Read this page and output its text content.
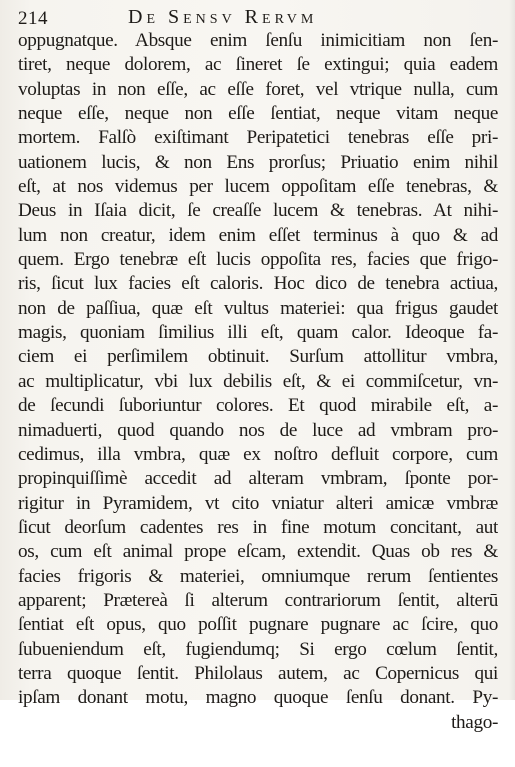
214	De Sensv Rervm
oppugnatque. Absque enim ſenſu inimicitiam non ſen-
tiret, neque dolorem, ac ſineret ſe extingui; quia eadem
voluptas in non eſſe, ac eſſe foret, vel vtrique nulla, cum
neque eſſe, neque non eſſe ſentiat, neque vitam neque
mortem. Falſò exiſtimant Peripatetici tenebras eſſe pri-
uationem lucis, & non Ens prorſus; Priuatio enim nihil
eſt, at nos videmus per lucem oppoſitam eſſe tenebras, &
Deus in Iſaia dicit, ſe creaſſe lucem & tenebras. At nihi-
lum non creatur, idem enim eſſet terminus à quo & ad
quem. Ergo tenebræ eſt lucis oppoſita res, facies que frigo-
ris, ſicut lux facies eſt caloris. Hoc dico de tenebra actiua,
non de paſſiua, quæ eſt vultus materiei: qua frigus gaudet
magis, quoniam ſimilius illi eſt, quam calor. Ideoque fa-
ciem ei perſimilem obtinuit. Surſum attollitur vmbra,
ac multiplicatur, vbi lux debilis eſt, & ei commiſcetur, vn-
de ſecundi ſuboriuntur colores. Et quod mirabile eſt, a-
nimaduerti, quod quando nos de luce ad vmbram pro-
cedimus, illa vmbra, quæ ex noſtro defluit corpore, cum
propinquiſſimè accedit ad alteram vmbram, ſponte por-
rigitur in Pyramidem, vt cito vniatur alteri amicæ vmbræ
ſicut deorſum cadentes res in fine motum concitant, aut
os, cum eſt animal prope eſcam, extendit. Quas ob res &
facies frigoris & materiei, omniumque rerum ſentientes
apparent; Prætereà ſi alterum contrariorum ſentit, alterū
ſentiat eſt opus, quo poſſit pugnare pugnare ac ſcire, quo
ſubueniendum eſt, fugiendumq; Si ergo cœlum ſentit,
terra quoque ſentit. Philolaus autem, ac Copernicus qui
ipſam donant motu, magno quoque ſenſu donant. Py-
thago-
